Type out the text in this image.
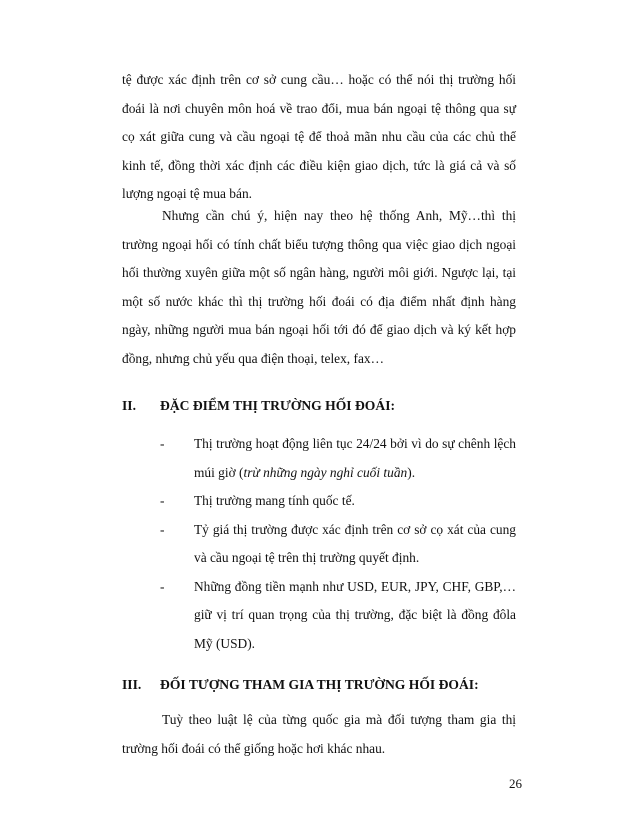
tệ được xác định trên cơ sở cung cầu… hoặc có thể nói thị trường hối đoái là nơi chuyên môn hoá về trao đổi, mua bán ngoại tệ thông qua sự cọ xát giữa cung và cầu ngoại tệ để thoả mãn nhu cầu của các chủ thể kinh tế, đồng thời xác định các điều kiện giao dịch, tức là giá cả và số lượng ngoại tệ mua bán.

Nhưng cần chú ý, hiện nay theo hệ thống Anh, Mỹ…thì thị trường ngoại hối có tính chất biểu tượng thông qua việc giao dịch ngoại hối thường xuyên giữa một số ngân hàng, người môi giới. Ngược lại, tại một số nước khác thì thị trường hối đoái có địa điểm nhất định hàng ngày, những người mua bán ngoại hối tới đó để giao dịch và ký kết hợp đồng, nhưng chủ yếu qua điện thoại, telex, fax…

II. ĐẶC ĐIỂM THỊ TRƯỜNG HỐI ĐOÁI:
- Thị trường hoạt động liên tục 24/24 bởi vì do sự chênh lệch múi giờ (trừ những ngày nghỉ cuối tuần).
- Thị trường mang tính quốc tế.
- Tỷ giá thị trường được xác định trên cơ sở cọ xát của cung và cầu ngoại tệ trên thị trường quyết định.
- Những đồng tiền mạnh như USD, EUR, JPY, CHF, GBP,… giữ vị trí quan trọng của thị trường, đặc biệt là đồng đôla Mỹ (USD).
III. ĐỐI TƯỢNG THAM GIA THỊ TRƯỜNG HỐI ĐOÁI:

Tuỳ theo luật lệ của từng quốc gia mà đối tượng tham gia thị trường hối đoái có thể giống hoặc hơi khác nhau.

26
